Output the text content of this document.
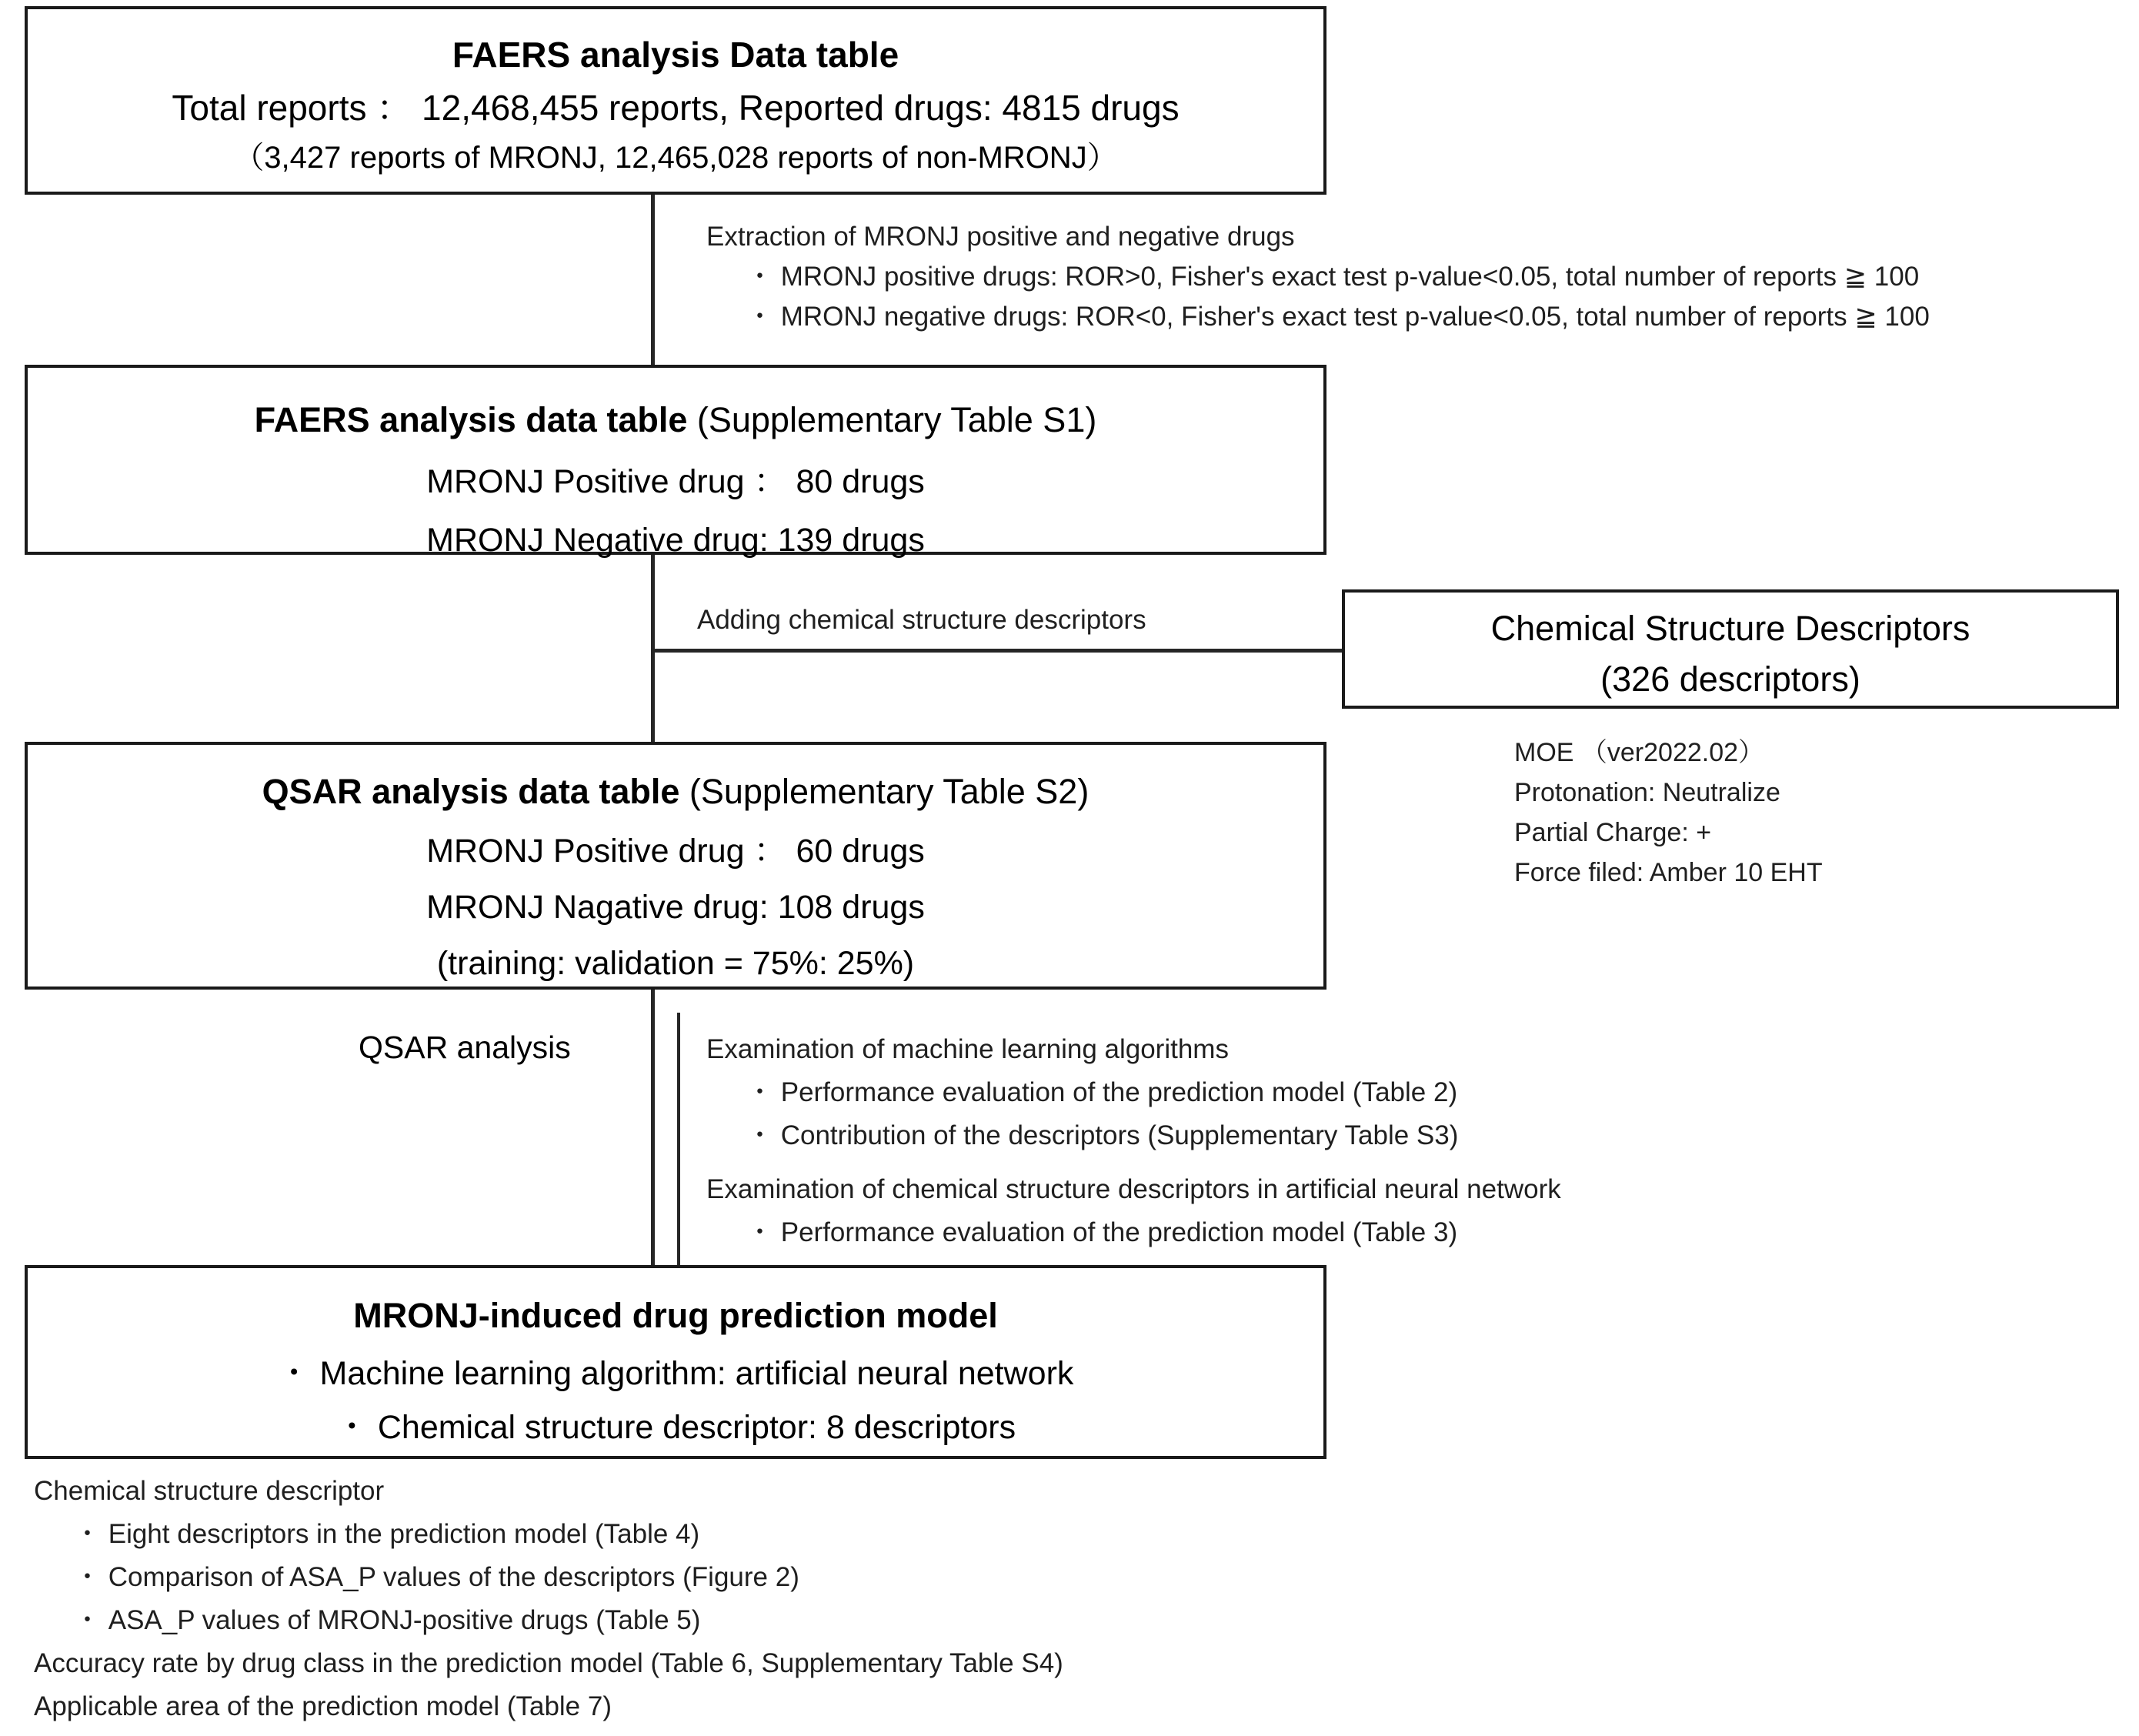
FAERS analysis Data table
Total reports ： 12,468,455 reports, Reported drugs: 4815 drugs
（3,427 reports of MRONJ, 12,465,028 reports of non-MRONJ）
Extraction of MRONJ positive and negative drugs
・ MRONJ positive drugs: ROR>0, Fisher's exact test p-value<0.05, total number of reports ≧ 100
・ MRONJ negative drugs: ROR<0, Fisher's exact test p-value<0.05, total number of reports ≧ 100
FAERS analysis data table (Supplementary Table S1)
MRONJ Positive drug ： 80 drugs
MRONJ Negative drug: 139 drugs
Adding chemical structure descriptors	Chemical Structure Descriptors
(326 descriptors)
MOE （ver2022.02）
Protonation: Neutralize
Partial Charge: +
Force filed: Amber 10 EHT
QSAR analysis data table (Supplementary Table S2)
MRONJ Positive drug ： 60 drugs
MRONJ Nagative drug: 108 drugs
(training: validation = 75%: 25%)
QSAR analysis	Examination of machine learning algorithms
・ Performance evaluation of the prediction model (Table 2)
・ Contribution of the descriptors (Supplementary Table S3)
Examination of chemical structure descriptors in artificial neural network
・ Performance evaluation of the prediction model (Table 3)
MRONJ-induced drug prediction model
・ Machine learning algorithm: artificial neural network
・ Chemical structure descriptor: 8 descriptors
Chemical structure descriptor
・ Eight descriptors in the prediction model (Table 4)
・ Comparison of ASA_P values of the descriptors (Figure 2)
・ ASA_P values of MRONJ-positive drugs (Table 5)
Accuracy rate by drug class in the prediction model (Table 6, Supplementary Table S4)
Applicable area of the prediction model (Table 7)
